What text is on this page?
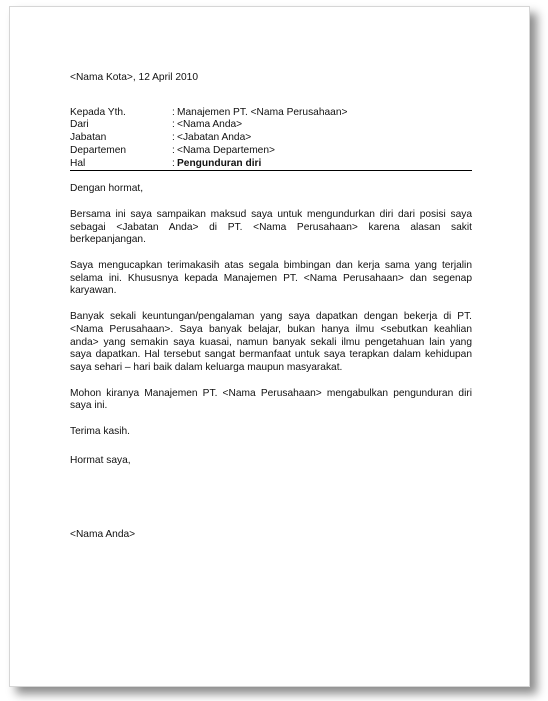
<Nama Kota>, 12 April 2010

Kepada Yth.	:	Manajemen PT. <Nama Perusahaan>
Dari	:	<Nama Anda>
Jabatan	:	<Jabatan Anda>
Departemen	:	<Nama Departemen>
Hal	:	Pengunduran diri

Dengan hormat,

Bersama ini saya sampaikan maksud saya untuk mengundurkan diri dari posisi saya sebagai <Jabatan Anda> di PT. <Nama Perusahaan> karena alasan sakit berkepanjangan.

Saya mengucapkan terimakasih atas segala bimbingan dan kerja sama yang terjalin selama ini. Khususnya kepada Manajemen PT. <Nama Perusahaan> dan segenap karyawan.

Banyak sekali keuntungan/pengalaman yang saya dapatkan dengan bekerja di PT. <Nama Perusahaan>. Saya banyak belajar, bukan hanya ilmu <sebutkan keahlian anda> yang semakin saya kuasai, namun banyak sekali ilmu pengetahuan lain yang saya dapatkan. Hal tersebut sangat bermanfaat untuk saya terapkan dalam kehidupan saya sehari – hari baik dalam keluarga maupun masyarakat.

Mohon kiranya Manajemen PT. <Nama Perusahaan> mengabulkan pengunduran diri saya ini.

Terima kasih.

Hormat saya,

<Nama Anda>
